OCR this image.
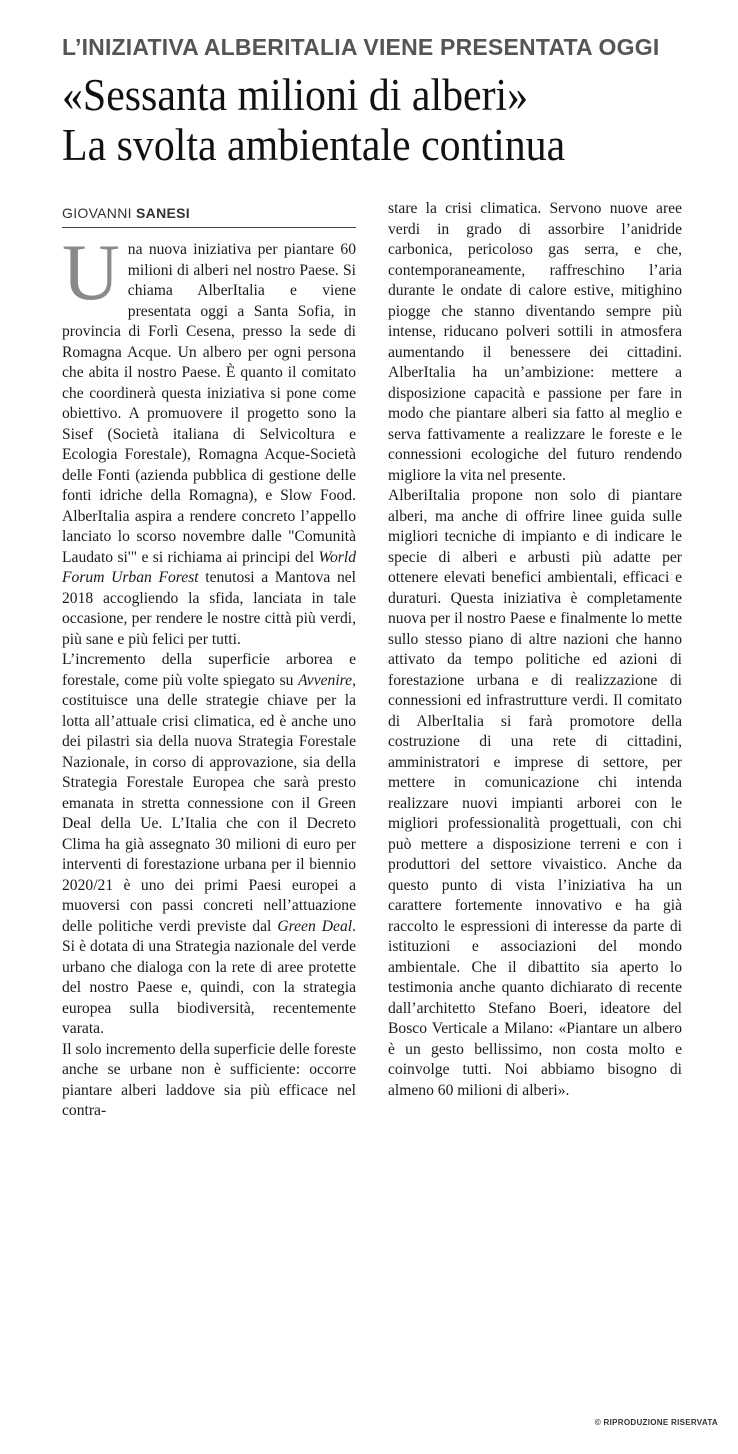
L’INIZIATIVA ALBERITALIA VIENE PRESENTATA OGGI
«Sessanta milioni di alberi»
La svolta ambientale continua
GIOVANNI SANESI

Una nuova iniziativa per piantare 60 milioni di alberi nel nostro Paese. Si chiama AlberItalia e viene presentata oggi a Santa Sofia, in provincia di Forlì Cesena, presso la sede di Romagna Acque. Un albero per ogni persona che abita il nostro Paese. È quanto il comitato che coordinerà questa iniziativa si pone come obiettivo. A promuovere il progetto sono la Sisef (Società italiana di Selvicoltura e Ecologia Forestale), Romagna Acque-Società delle Fonti (azienda pubblica di gestione delle fonti idriche della Romagna), e Slow Food. AlberItalia aspira a rendere concreto l’appello lanciato lo scorso novembre dalle "Comunità Laudato si'" e si richiama ai principi del World Forum Urban Forest tenutosi a Mantova nel 2018 accogliendo la sfida, lanciata in tale occasione, per rendere le nostre città più verdi, più sane e più felici per tutti.

L’incremento della superficie arborea e forestale, come più volte spiegato su Avvenire, costituisce una delle strategie chiave per la lotta all’attuale crisi climatica, ed è anche uno dei pilastri sia della nuova Strategia Forestale Nazionale, in corso di approvazione, sia della Strategia Forestale Europea che sarà presto emanata in stretta connessione con il Green Deal della Ue. L’Italia che con il Decreto Clima ha già assegnato 30 milioni di euro per interventi di forestazione urbana per il biennio 2020/21 è uno dei primi Paesi europei a muoversi con passi concreti nell’attuazione delle politiche verdi previste dal Green Deal. Si è dotata di una Strategia nazionale del verde urbano che dialoga con la rete di aree protette del nostro Paese e, quindi, con la strategia europea sulla biodiversità, recentemente varata.

Il solo incremento della superficie delle foreste anche se urbane non è sufficiente: occorre piantare alberi laddove sia più efficace nel contra-

stare la crisi climatica. Servono nuove aree verdi in grado di assorbire l’anidride carbonica, pericoloso gas serra, e che, contemporaneamente, raffreschino l’aria durante le ondate di calore estive, mitighino piogge che stanno diventando sempre più intense, riducano polveri sottili in atmosfera aumentando il benessere dei cittadini. AlberItalia ha un’ambizione: mettere a disposizione capacità e passione per fare in modo che piantare alberi sia fatto al meglio e serva fattivamente a realizzare le foreste e le connessioni ecologiche del futuro rendendo migliore la vita nel presente.

AlberiItalia propone non solo di piantare alberi, ma anche di offrire linee guida sulle migliori tecniche di impianto e di indicare le specie di alberi e arbusti più adatte per ottenere elevati benefici ambientali, efficaci e duraturi. Questa iniziativa è completamente nuova per il nostro Paese e finalmente lo mette sullo stesso piano di altre nazioni che hanno attivato da tempo politiche ed azioni di forestazione urbana e di realizzazione di connessioni ed infrastrutture verdi. Il comitato di AlberItalia si farà promotore della costruzione di una rete di cittadini, amministratori e imprese di settore, per mettere in comunicazione chi intenda realizzare nuovi impianti arborei con le migliori professionalità progettuali, con chi può mettere a disposizione terreni e con i produttori del settore vivaistico. Anche da questo punto di vista l’iniziativa ha un carattere fortemente innovativo e ha già raccolto le espressioni di interesse da parte di istituzioni e associazioni del mondo ambientale. Che il dibattito sia aperto lo testimonia anche quanto dichiarato di recente dall’architetto Stefano Boeri, ideatore del Bosco Verticale a Milano: «Piantare un albero è un gesto bellissimo, non costa molto e coinvolge tutti. Noi abbiamo bisogno di almeno 60 milioni di alberi».

© RIPRODUZIONE RISERVATA
